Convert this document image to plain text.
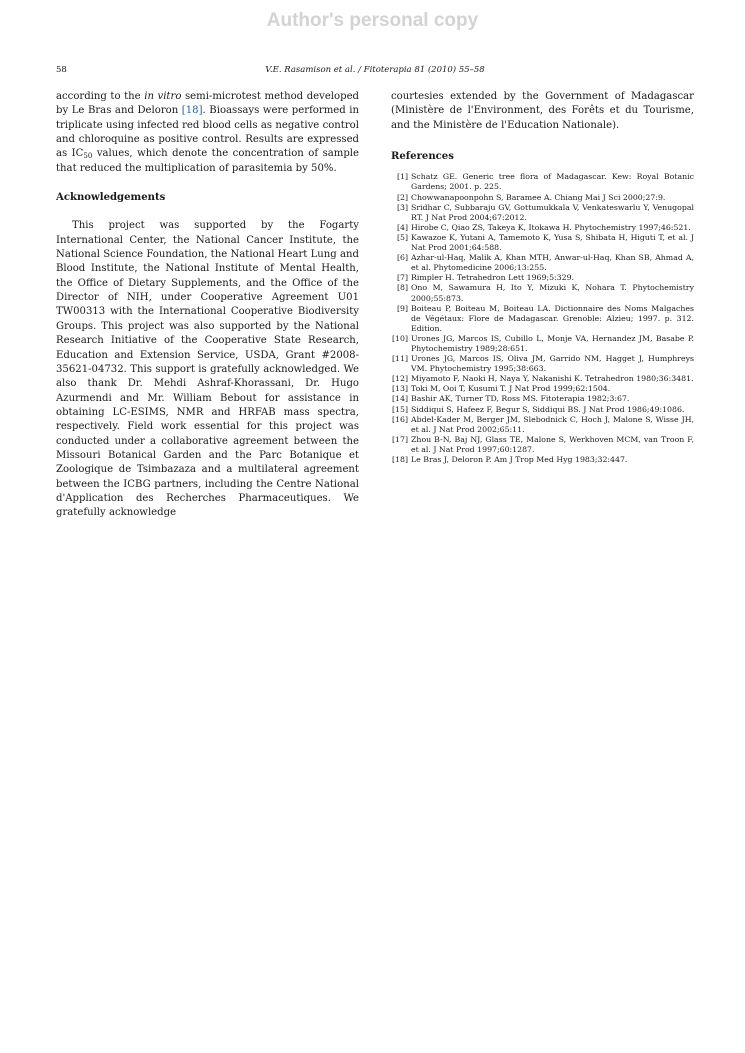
Author's personal copy
58	V.E. Rasamison et al. / Fitoterapia 81 (2010) 55–58

according to the in vitro semi-microtest method developed by Le Bras and Deloron [18]. Bioassays were performed in triplicate using infected red blood cells as negative control and chloroquine as positive control. Results are expressed as $IC_{50}$ values, which denote the concentration of sample that reduced the multiplication of parasitemia by 50%.

Acknowledgements

This project was supported by the Fogarty International Center, the National Cancer Institute, the National Science Foundation, the National Heart Lung and Blood Institute, the National Institute of Mental Health, the Office of Dietary Supplements, and the Office of the Director of NIH, under Cooperative Agreement U01 TW00313 with the International Cooperative Biodiversity Groups. This project was also supported by the National Research Initiative of the Cooperative State Research, Education and Extension Service, USDA, Grant #2008-35621-04732. This support is gratefully acknowledged. We also thank Dr. Mehdi Ashraf-Khorassani, Dr. Hugo Azurmendi and Mr. William Bebout for assistance in obtaining LC-ESIMS, NMR and HRFAB mass spectra, respectively. Field work essential for this project was conducted under a collaborative agreement between the Missouri Botanical Garden and the Parc Botanique et Zoologique de Tsimbazaza and a multilateral agreement between the ICBG partners, including the Centre National d'Application des Recherches Pharmaceutiques. We gratefully acknowledge

courtesies extended by the Government of Madagascar (Ministère de l'Environment, des Forêts et du Tourisme, and the Ministère de l'Education Nationale).

References
[1] Schatz GE. Generic tree flora of Madagascar. Kew: Royal Botanic Gardens; 2001. p. 225.
[2] Chowwanapoonpohn S, Baramee A. Chiang Mai J Sci 2000;27:9.
[3] Sridhar C, Subbaraju GV, Gottumukkala V, Venkateswarlu Y, Venugopal RT. J Nat Prod 2004;67:2012.
[4] Hirobe C, Qiao ZS, Takeya K, Itokawa H. Phytochemistry 1997;46:521.
[5] Kawazoe K, Yutani A, Tamemoto K, Yusa S, Shibata H, Higuti T, et al. J Nat Prod 2001;64:588.
[6] Azhar-ul-Haq, Malik A, Khan MTH, Anwar-ul-Haq, Khan SB, Ahmad A, et al. Phytomedicine 2006;13:255.
[7] Rimpler H. Tetrahedron Lett 1969;5:329.
[8] Ono M, Sawamura H, Ito Y, Mizuki K, Nohara T. Phytochemistry 2000;55:873.
[9] Boiteau P, Boiteau M, Boiteau LA. Dictionnaire des Noms Malgaches de Végétaux: Flore de Madagascar. Grenoble: Alzieu; 1997. p. 312. Edition.
[10] Urones JG, Marcos IS, Cubillo L, Monje VA, Hernandez JM, Basabe P. Phytochemistry 1989;28:651.
[11] Urones JG, Marcos IS, Oliva JM, Garrido NM, Hagget J, Humphreys VM. Phytochemistry 1995;38:663.
[12] Miyamoto F, Naoki H, Naya Y, Nakanishi K. Tetrahedron 1980;36:3481.
[13] Toki M, Ooi T, Kusumi T. J Nat Prod 1999;62:1504.
[14] Bashir AK, Turner TD, Ross MS. Fitoterapia 1982;3:67.
[15] Siddiqui S, Hafeez F, Begur S, Siddiqui BS. J Nat Prod 1986;49:1086.
[16] Abdel-Kader M, Berger JM, Slebodnick C, Hoch J, Malone S, Wisse JH, et al. J Nat Prod 2002;65:11.
[17] Zhou B-N, Baj NJ, Glass TE, Malone S, Werkhoven MCM, van Troon F, et al. J Nat Prod 1997;60:1287.
[18] Le Bras J, Deloron P. Am J Trop Med Hyg 1983;32:447.
